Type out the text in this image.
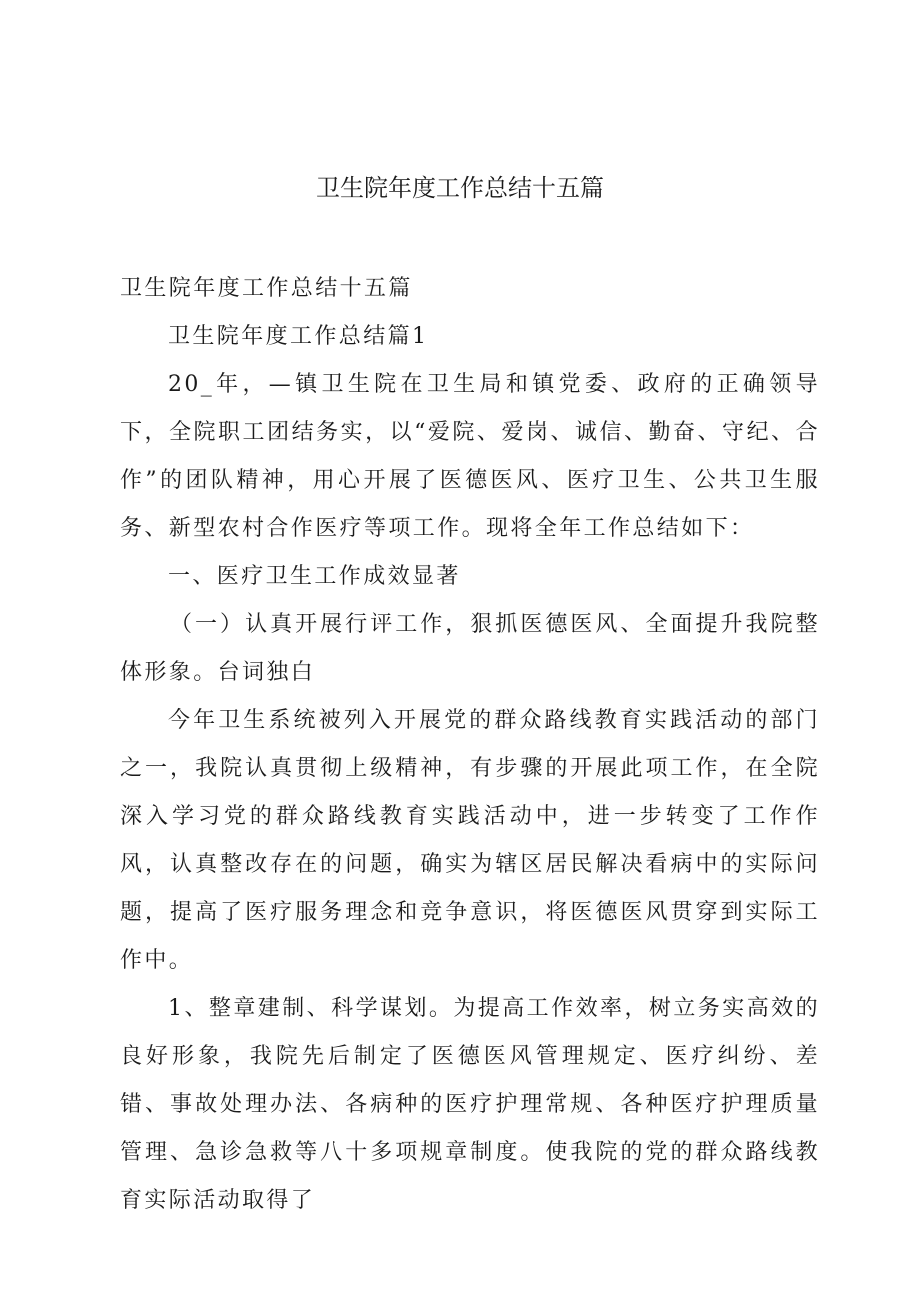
卫生院年度工作总结十五篇

卫生院年度工作总结十五篇

卫生院年度工作总结篇1

20_年，—镇卫生院在卫生局和镇党委、政府的正确领导下，全院职工团结务实，以“爱院、爱岗、诚信、勤奋、守纪、合作”的团队精神，用心开展了医德医风、医疗卫生、公共卫生服务、新型农村合作医疗等项工作。现将全年工作总结如下：

一、医疗卫生工作成效显著

（一）认真开展行评工作，狠抓医德医风、全面提升我院整体形象。台词独白

今年卫生系统被列入开展党的群众路线教育实践活动的部门之一，我院认真贯彻上级精神，有步骤的开展此项工作，在全院深入学习党的群众路线教育实践活动中，进一步转变了工作作风，认真整改存在的问题，确实为辖区居民解决看病中的实际问题，提高了医疗服务理念和竞争意识，将医德医风贯穿到实际工作中。

1、整章建制、科学谋划。为提高工作效率，树立务实高效的良好形象，我院先后制定了医德医风管理规定、医疗纠纷、差错、事故处理办法、各病种的医疗护理常规、各种医疗护理质量管理、急诊急救等八十多项规章制度。使我院的党的群众路线教育实际活动取得了
